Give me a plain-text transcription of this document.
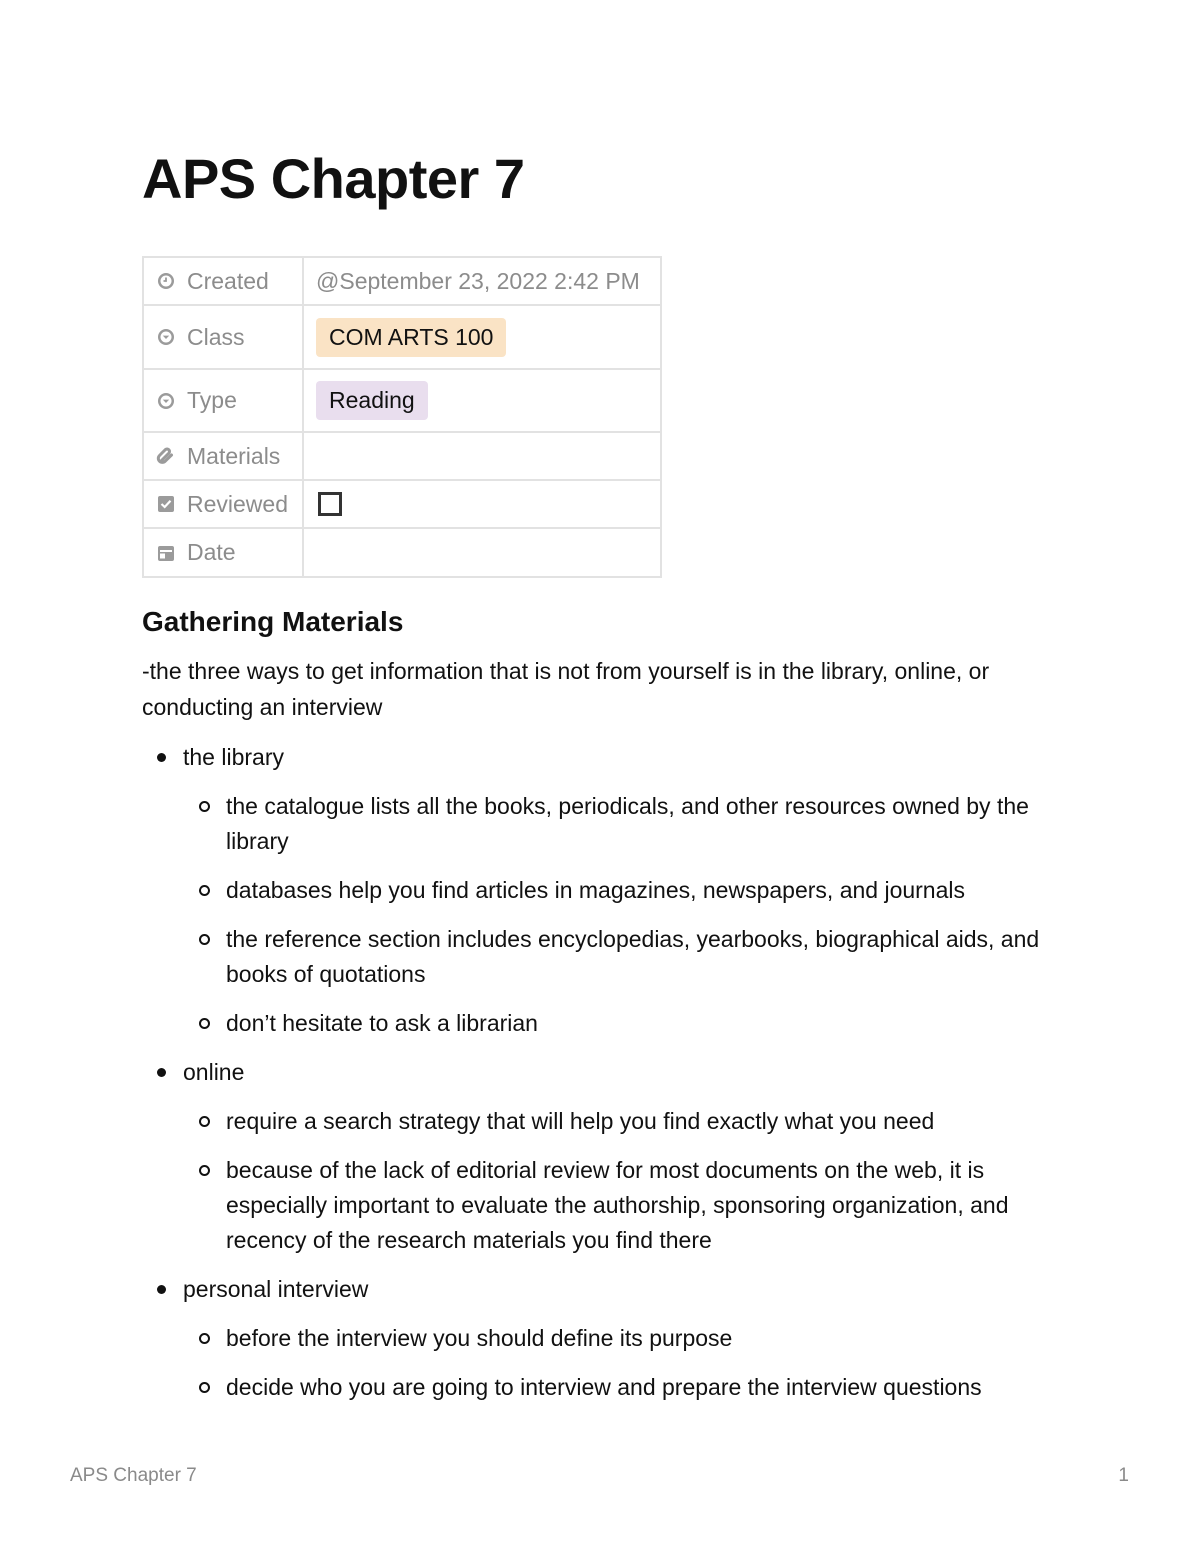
APS Chapter 7
Created	@September 23, 2022 2:42 PM

Class	COM ARTS 100

Type	Reading

Materials	

Reviewed	

Date	

Gathering Materials

-the three ways to get information that is not from yourself is in the library, online, or conducting an interview

the library
the catalogue lists all the books, periodicals, and other resources owned by the library
databases help you find articles in magazines, newspapers, and journals
the reference section includes encyclopedias, yearbooks, biographical aids, and books of quotations
don’t hesitate to ask a librarian
online
require a search strategy that will help you find exactly what you need
because of the lack of editorial review for most documents on the web, it is especially important to evaluate the authorship, sponsoring organization, and recency of the research materials you find there
personal interview
before the interview you should define its purpose
decide who you are going to interview and prepare the interview questions
APS Chapter 7	1
